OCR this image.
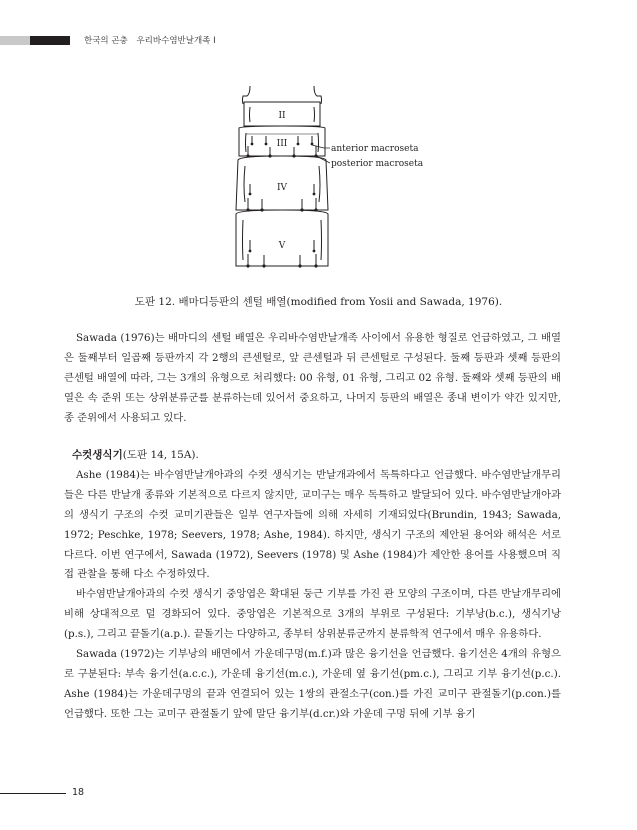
한국의 곤충 우리바수염반날개족 I
II
III
IV
V
anterior macroseta
posterior macroseta
도판 12. 배마디등판의 센털 배열(modified from Yosii and Sawada, 1976).

Sawada (1976)는 배마디의 센털 배열은 우리바수염반날개족 사이에서 유용한 형질로 언급하였고, 그 배열은 둘째부터 일곱째 등판까지 각 2행의 큰센털로, 앞 큰센털과 뒤 큰센털로 구성된다. 둘째 등판과 셋째 등판의 큰센털 배열에 따라, 그는 3개의 유형으로 처리했다: 00 유형, 01 유형, 그리고 02 유형. 둘째와 셋째 등판의 배열은 속 준위 또는 상위분류군를 분류하는데 있어서 중요하고, 나머지 등판의 배열은 종내 변이가 약간 있지만, 종 준위에서 사용되고 있다.

수컷생식기(도판 14, 15A).

Ashe (1984)는 바수염반날개아과의 수컷 생식기는 반날개과에서 독특하다고 언급했다. 바수염반날개무리들은 다른 반날개 종류와 기본적으로 다르지 않지만, 교미구는 매우 독특하고 발달되어 있다. 바수염반날개아과의 생식기 구조의 수컷 교미기관들은 일부 연구자들에 의해 자세히 기재되었다(Brundin, 1943; Sawada, 1972; Peschke, 1978; Seevers, 1978; Ashe, 1984). 하지만, 생식기 구조의 제안된 용어와 해석은 서로 다르다. 이번 연구에서, Sawada (1972), Seevers (1978) 및 Ashe (1984)가 제안한 용어를 사용했으며 직접 관찰을 통해 다소 수정하였다.

바수염반날개아과의 수컷 생식기 중앙엽은 확대된 둥근 기부를 가진 관 모양의 구조이며, 다른 반날개무리에 비해 상대적으로 덜 경화되어 있다. 중앙엽은 기본적으로 3개의 부위로 구성된다: 기부낭(b.c.), 생식기낭(p.s.), 그리고 끝돌기(a.p.). 끝돌기는 다양하고, 종부터 상위분류군까지 분류학적 연구에서 매우 유용하다.

Sawada (1972)는 기부낭의 배면에서 가운데구멍(m.f.)과 많은 융기선을 언급했다. 융기선은 4개의 유형으로 구분된다: 부속 융기선(a.c.c.), 가운데 융기선(m.c.), 가운데 옆 융기선(pm.c.), 그리고 기부 융기선(p.c.). Ashe (1984)는 가운데구멍의 끝과 연결되어 있는 1쌍의 관절소구(con.)를 가진 교미구 관절돌기(p.con.)를 언급했다. 또한 그는 교미구 관절돌기 앞에 말단 융기부(d.cr.)와 가운데 구멍 뒤에 기부 융기

18
